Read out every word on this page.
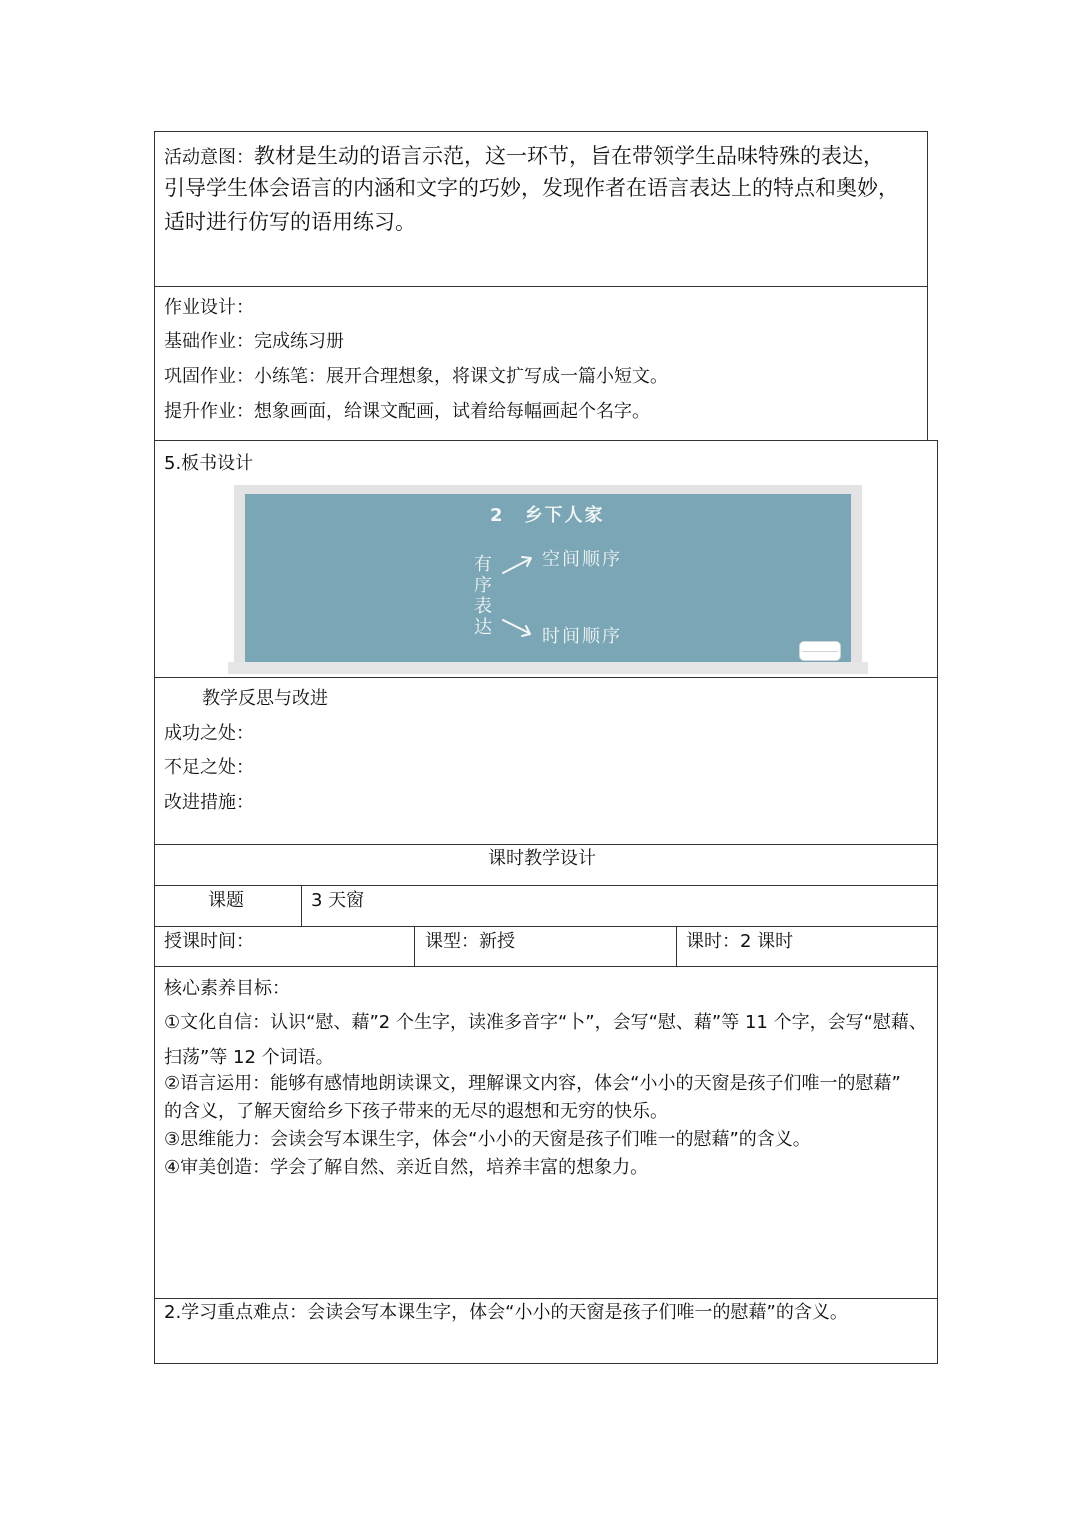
活动意图：教材是生动的语言示范，这一环节，旨在带领学生品味特殊的表达，
引导学生体会语言的内涵和文字的巧妙，发现作者在语言表达上的特点和奥妙，
适时进行仿写的语用练习。
作业设计：
基础作业：完成练习册
巩固作业：小练笔：展开合理想象，将课文扩写成一篇小短文。
提升作业：想象画面，给课文配画，试着给每幅画起个名字。
5.板书设计
2　乡下人家
有序表达
空间顺序
时间顺序
教学反思与改进
成功之处：
不足之处：
改进措施：
课时教学设计
课题	3 天窗
授课时间：	课型：新授	课时：2 课时
核心素养目标：
①文化自信：认识“慰、藉”2 个生字，读准多音字“卜”，会写“慰、藉”等 11 个字，会写“慰藉、
扫荡”等 12 个词语。
②语言运用：能够有感情地朗读课文，理解课文内容，体会“小小的天窗是孩子们唯一的慰藉”
的含义，了解天窗给乡下孩子带来的无尽的遐想和无穷的快乐。
③思维能力：会读会写本课生字，体会“小小的天窗是孩子们唯一的慰藉”的含义。
④审美创造：学会了解自然、亲近自然，培养丰富的想象力。
2.学习重点难点：会读会写本课生字，体会“小小的天窗是孩子们唯一的慰藉”的含义。
